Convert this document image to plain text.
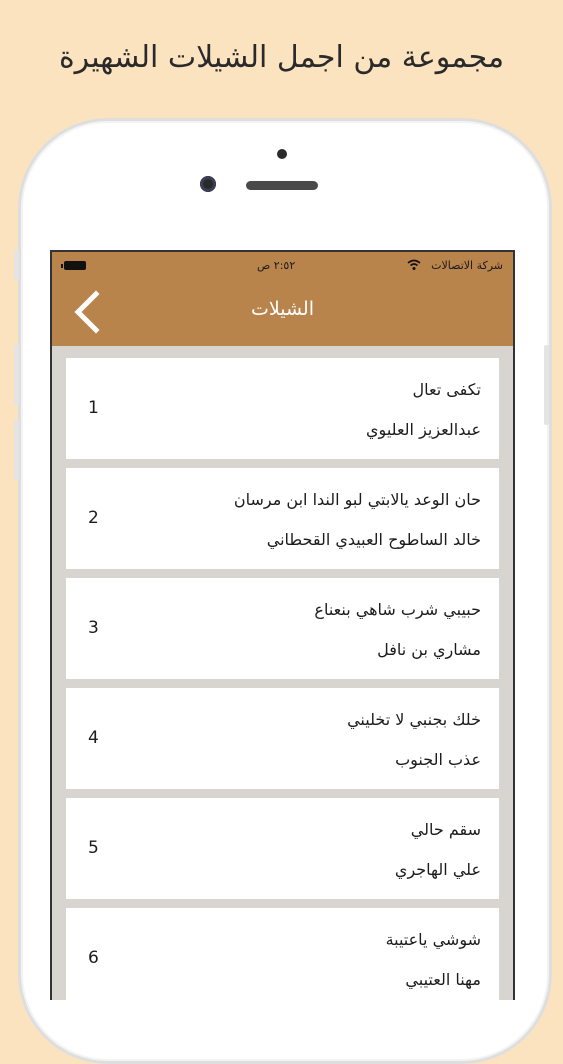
مجموعة من اجمل الشيلات الشهيرة
٢:٥٢ ص	شركة الاتصالات
الشيلات
تكفى تعال
عبدالعزيز العليوي
1
حان الوعد يالابتي لبو الندا ابن مرسان
خالد الساطوح العبيدي القحطاني
2
حبيبي شرب شاهي بنعناع
مشاري بن نافل
3
خلك بجنبي لا تخليني
عذب الجنوب
4
سقم حالي
علي الهاجري
5
شوشي ياعتيبة
مهنا العتيبي
6
